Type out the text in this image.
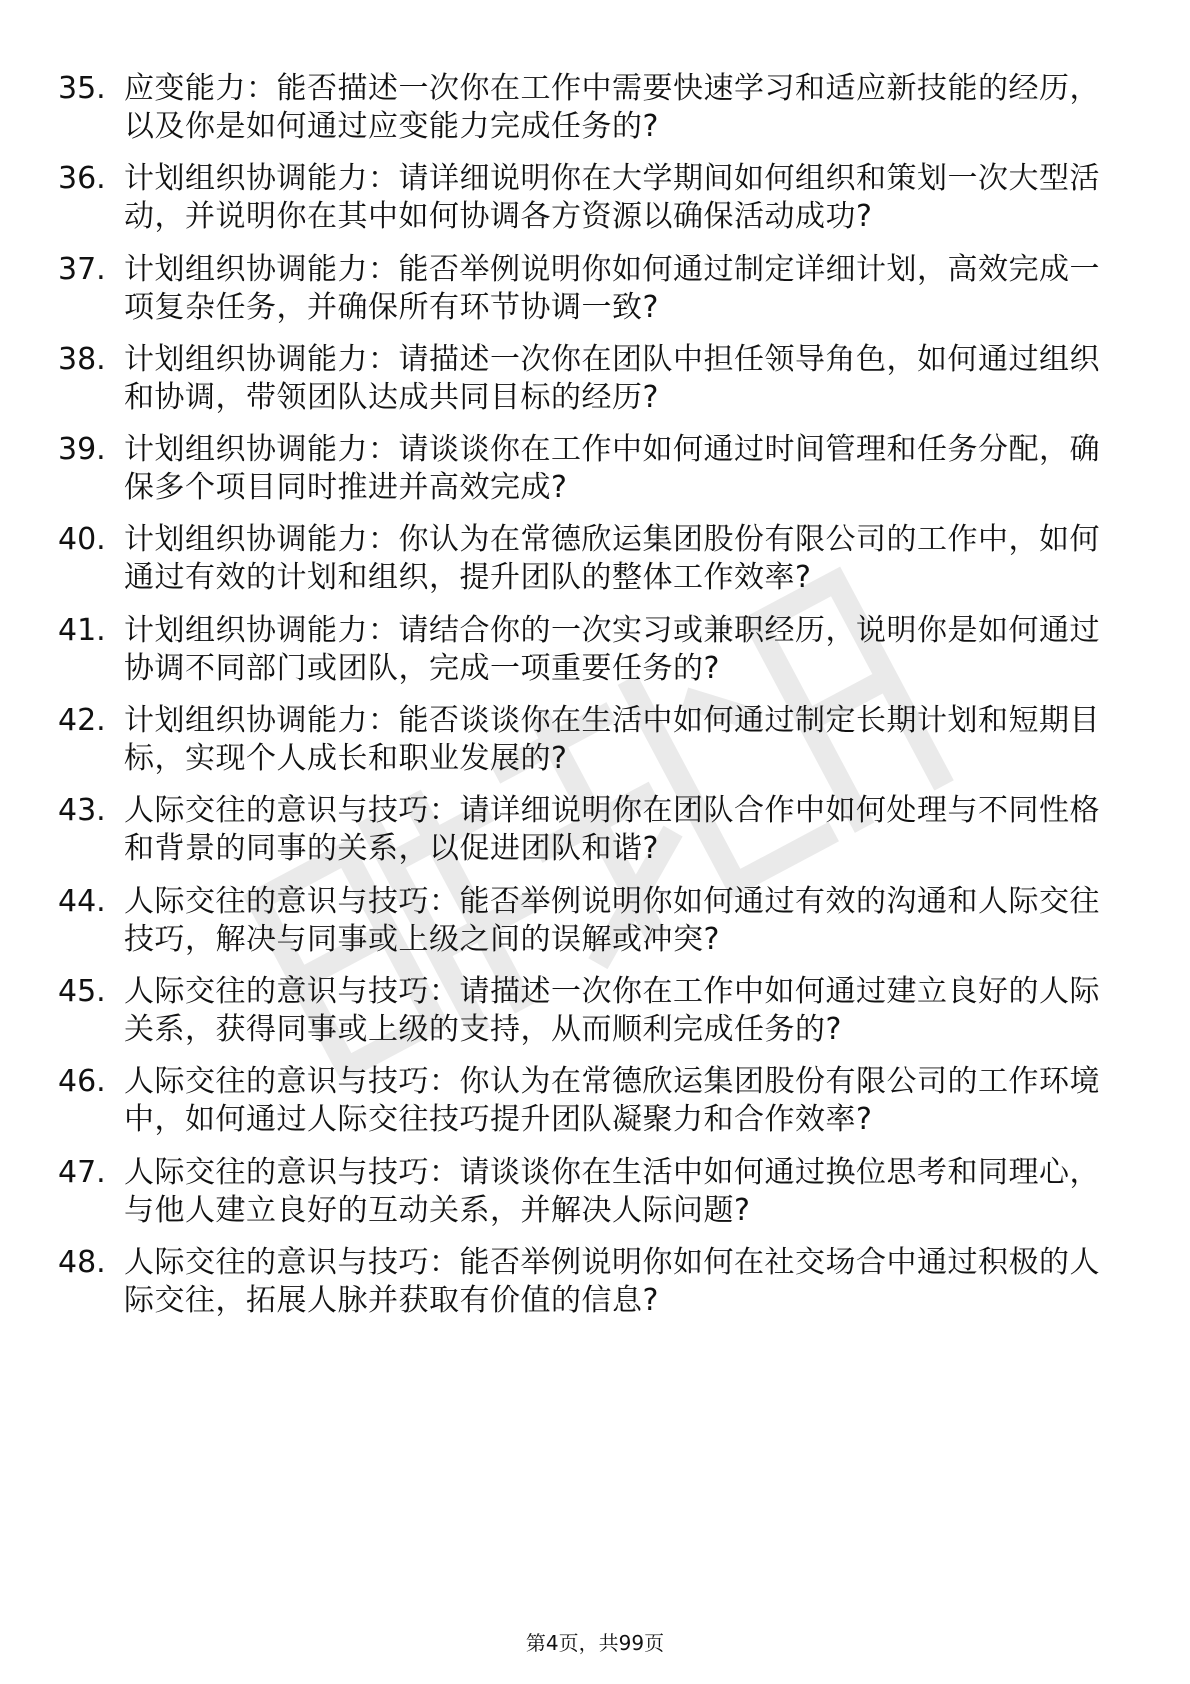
35. 应变能力：能否描述一次你在工作中需要快速学习和适应新技能的经历，以及你是如何通过应变能力完成任务的?
36. 计划组织协调能力：请详细说明你在大学期间如何组织和策划一次大型活动，并说明你在其中如何协调各方资源以确保活动成功?
37. 计划组织协调能力：能否举例说明你如何通过制定详细计划，高效完成一项复杂任务，并确保所有环节协调一致?
38. 计划组织协调能力：请描述一次你在团队中担任领导角色，如何通过组织和协调，带领团队达成共同目标的经历?
39. 计划组织协调能力：请谈谈你在工作中如何通过时间管理和任务分配，确保多个项目同时推进并高效完成?
40. 计划组织协调能力：你认为在常德欣运集团股份有限公司的工作中，如何通过有效的计划和组织，提升团队的整体工作效率?
41. 计划组织协调能力：请结合你的一次实习或兼职经历，说明你是如何通过协调不同部门或团队，完成一项重要任务的?
42. 计划组织协调能力：能否谈谈你在生活中如何通过制定长期计划和短期目标，实现个人成长和职业发展的?
43. 人际交往的意识与技巧：请详细说明你在团队合作中如何处理与不同性格和背景的同事的关系，以促进团队和谐?
44. 人际交往的意识与技巧：能否举例说明你如何通过有效的沟通和人际交往技巧，解决与同事或上级之间的误解或冲突?
45. 人际交往的意识与技巧：请描述一次你在工作中如何通过建立良好的人际关系，获得同事或上级的支持，从而顺利完成任务的?
46. 人际交往的意识与技巧：你认为在常德欣运集团股份有限公司的工作环境中，如何通过人际交往技巧提升团队凝聚力和合作效率?
47. 人际交往的意识与技巧：请谈谈你在生活中如何通过换位思考和同理心，与他人建立良好的互动关系，并解决人际问题?
48. 人际交往的意识与技巧：能否举例说明你如何在社交场合中通过积极的人际交往，拓展人脉并获取有价值的信息?
第4页，共99页
